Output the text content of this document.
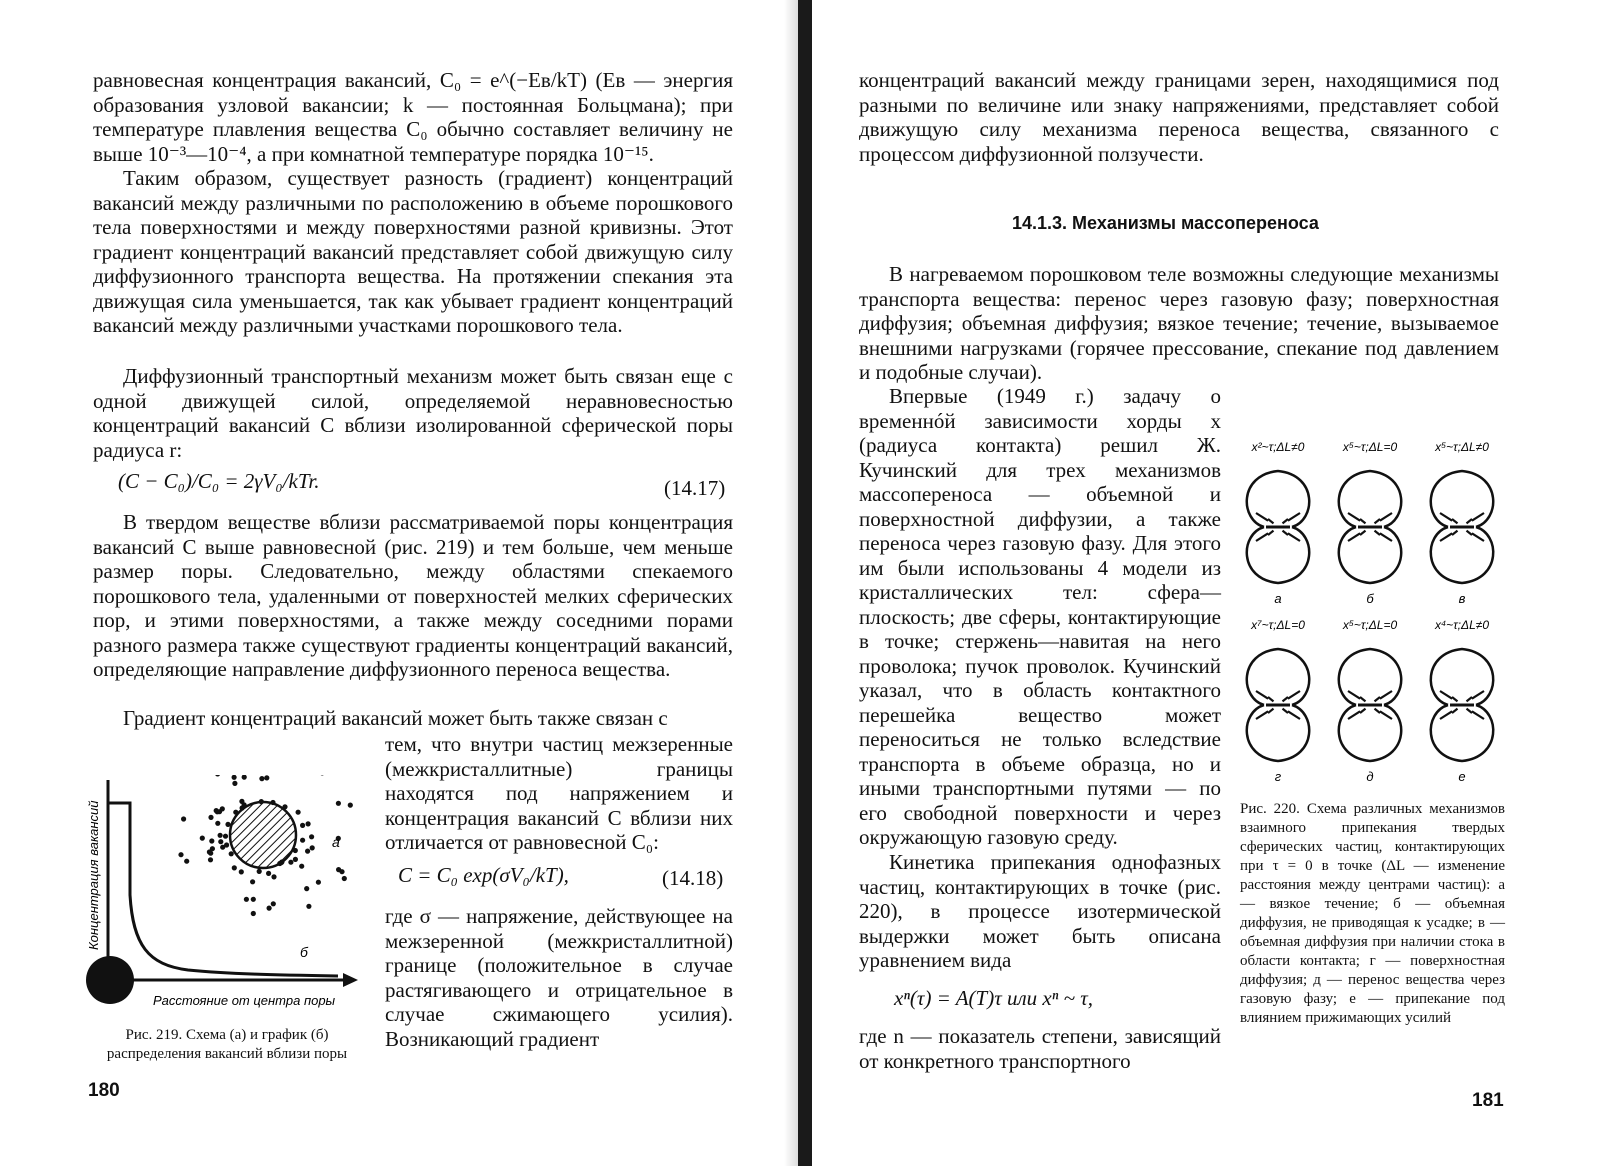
равновесная концентрация вакансий, C₀ = e^(−Eв/kT) (Eв — энергия образования узловой вакансии; k — постоянная Больцмана); при температуре плавления вещества C₀ обычно составляет величину не выше 10⁻³—10⁻⁴, а при комнатной температуре порядка 10⁻¹⁵.

Таким образом, существует разность (градиент) концентраций вакансий между различными по расположению в объеме порошкового тела поверхностями и между поверхностями разной кривизны. Этот градиент концентраций вакансий представляет собой движущую силу диффузионного транспорта вещества. На протяжении спекания эта движущая сила уменьшается, так как убывает градиент концентраций вакансий между различными участками порошкового тела.

Диффузионный транспортный механизм может быть связан еще с одной движущей силой, определяемой неравновесностью концентраций вакансий C вблизи изолированной сферической поры радиуса r:

(C − C₀)/C₀ = 2γV₀/kTr.	(14.17)

В твердом веществе вблизи рассматриваемой поры концентрация вакансий C выше равновесной (рис. 219) и тем больше, чем меньше размер поры. Следовательно, между областями спекаемого порошкового тела, удаленными от поверхностей мелких сферических пор, и этими поверхностями, а также между соседними порами разного размера также существуют градиенты концентраций вакансий, определяющие направление диффузионного переноса вещества.

Градиент концентраций вакансий может быть также связан с

тем, что внутри частиц межзеренные (межкристаллитные) границы находятся под напряжением и концентрация вакансий C вблизи них отличается от равновесной C₀:

C = C₀ exp(σV₀/kT),	(14.18)

где σ — напряжение, действующее на межзеренной (межкристаллитной) границе (положительное в случае растягивающего и отрицательное в случае сжимающего усилия). Возникающий градиент

Концентрация вакансий	а
б
Расстояние от центра поры
Рис. 219. Схема (а) и график (б) распределения вакансий вблизи поры
180

концентраций вакансий между границами зерен, находящимися под разными по величине или знаку напряжениями, представляет собой движущую силу механизма переноса вещества, связанного с процессом диффузионной ползучести.

14.1.3. Механизмы массопереноса

В нагреваемом порошковом теле возможны следующие механизмы транспорта вещества: перенос через газовую фазу; поверхностная диффузия; объемная диффузия; вязкое течение; течение, вызываемое внешними нагрузками (горячее прессование, спекание под давлением и подобные случаи).

Впервые (1949 г.) задачу о временнóй зависимости хорды x (радиуса контакта) решил Ж. Кучинский для трех механизмов массопереноса — объемной и поверхностной диффузии, а также переноса через газовую фазу. Для этого им были использованы 4 модели из кристаллических тел: сфера—плоскость; две сферы, контактирующие в точке; стержень—навитая на него проволока; пучок проволок. Кучинский указал, что в область контактного перешейка вещество может переноситься не только вследствие транспорта в объеме образца, но и иными транспортными путями — по его свободной поверхности и через окружающую газовую среду.

Кинетика припекания однофазных частиц, контактирующих в точке (рис. 220), в процессе изотермической выдержки может быть описана уравнением вида

xⁿ(τ) = A(T)τ или xⁿ ~ τ,

где n — показатель степени, зависящий от конкретного транспортного

x²~τ;ΔL≠0
а
x⁵~τ;ΔL=0
б
x⁵~τ;ΔL≠0
в
x⁷~τ;ΔL=0
г
x⁵~τ;ΔL=0
д
x⁴~τ;ΔL≠0
е
Рис. 220. Схема различных механизмов взаимного припекания твердых сферических частиц, контактирующих при τ = 0 в точке (ΔL — изменение расстояния между центрами частиц): а — вязкое течение; б — объемная диффузия, не приводящая к усадке; в — объемная диффузия при наличии стока в области контакта; г — поверхностная диффузия; д — перенос вещества через газовую фазу; е — припекание под влиянием прижимающих усилий
181
